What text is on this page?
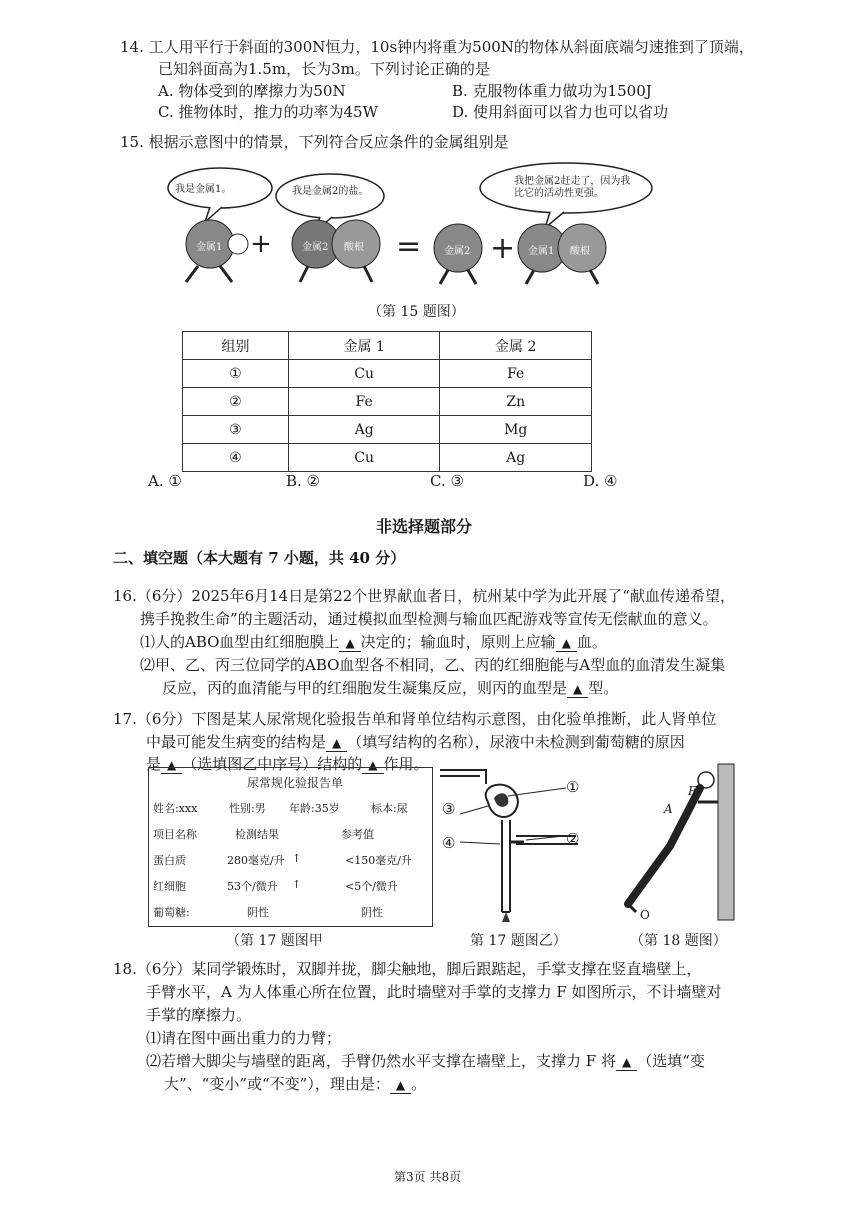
14. 工人用平行于斜面的300N恒力，10s钟内将重为500N的物体从斜面底端匀速推到了顶端，
已知斜面高为1.5m，长为3m。下列讨论正确的是
A. 物体受到的摩擦力为50N	B. 克服物体重力做功为1500J
C. 推物体时，推力的功率为45W	D. 使用斜面可以省力也可以省功
15. 根据示意图中的情景，下列符合反应条件的金属组别是
+	= +
我是金属1。	我是金属2的盐。
我把金属2赶走了，因为我比它的活动性更强。
金属1	金属2 酸根	金属2	金属1 酸根
（第 15 题图）
组别	金属 1	金属 2
①	Cu	Fe
②	Fe	Zn
③	Ag	Mg
④	Cu	Ag
A. ①	B. ②	C. ③	D. ④
非选择题部分
二、填空题（本大题有 7 小题，共 40 分）
16.（6分）2025年6月14日是第22个世界献血者日，杭州某中学为此开展了“献血传递希望，
携手挽救生命”的主题活动，通过模拟血型检测与输血匹配游戏等宣传无偿献血的意义。
⑴人的ABO血型由红细胞膜上 ▲ 决定的；输血时，原则上应输 ▲ 血。
⑵甲、乙、丙三位同学的ABO血型各不相同，乙、丙的红细胞能与A型血的血清发生凝集
反应，丙的血清能与甲的红细胞发生凝集反应，则丙的血型是 ▲ 型。
17.（6分）下图是某人尿常规化验报告单和肾单位结构示意图，由化验单推断，此人肾单位
中最可能发生病变的结构是 ▲ （填写结构的名称），尿液中未检测到葡萄糖的原因
是 ▲ （选填图乙中序号）结构的 ▲ 作用。
尿常规化验报告单
姓名:xxx	性别:男 年龄:35岁	标本:尿
项目名称	检测结果	参考值
蛋白质	280毫克/升 ↑	<150毫克/升
红细胞	53个/微升 ↑	<5个/微升
葡萄糖:	阴性	阴性
①
②
③
④
A
F
O
（第 17 题图甲	第 17 题图乙）	（第 18 题图）
18.（6分）某同学锻炼时，双脚并拢，脚尖触地，脚后跟踮起，手掌支撑在竖直墙壁上，
手臂水平，A 为人体重心所在位置，此时墙壁对手掌的支撑力 F 如图所示，不计墙壁对
手掌的摩擦力。
⑴请在图中画出重力的力臂；
⑵若增大脚尖与墙壁的距离，手臂仍然水平支撑在墙壁上，支撑力 F 将 ▲ （选填“变
大”、“变小”或“不变”），理由是： ▲ 。
第3页 共8页
